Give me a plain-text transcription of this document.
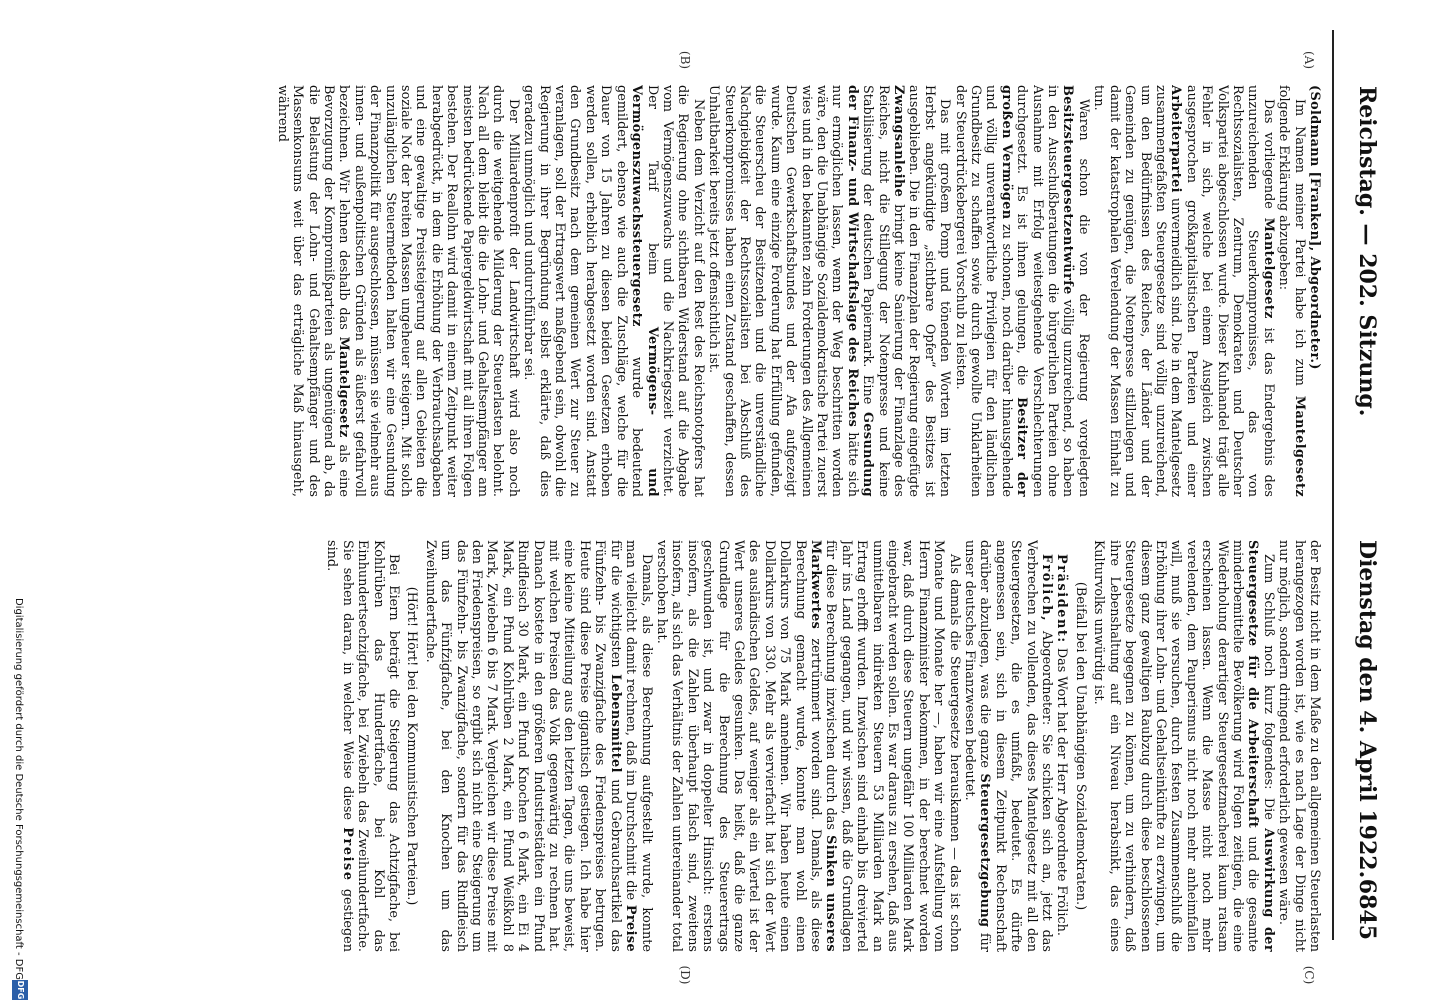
Reichstag. — 202. Sitzung.
Dienstag den 4. April 1922.
6845
(A)
(B)
(C)
(D)

(Soldmann [Franken], Abgeordneter.)

Im Namen meiner Partei habe ich zum Mantelgesetz folgende Erklärung abzugeben:

Das vorliegende Mantelgesetz ist das Endergebnis des unzureichenden Steuerkompromisses, das von Rechtssozialisten, Zentrum, Demokraten und Deutscher Volkspartei abgeschlossen wurde. Dieser Kuhhandel trägt alle Fehler in sich, welche bei einem Ausgleich zwischen ausgesprochen großkapitalistischen Parteien und einer Arbeiterpartei unvermeidlich sind. Die in dem Mantelgesetz zusammengefaßten Steuergesetze sind völlig unzureichend, um den Bedürfnissen des Reiches, der Länder und der Gemeinden zu genügen, die Notenpresse stillzulegen und damit der katastrophalen Verelendung der Massen Einhalt zu tun.

Waren schon die von der Regierung vorgelegten Besitzsteuergesetzentwürfe völlig unzureichend, so haben in den Ausschußberatungen die bürgerlichen Parteien ohne Ausnahme mit Erfolg weitestgehende Verschlechterungen durchgesetzt. Es ist ihnen gelungen, die Besitzer der großen Vermögen zu schonen, noch darüber hinausgehende und völlig unverantwortliche Privilegien für den ländlichen Grundbesitz zu schaffen sowie durch gewollte Unklarheiten der Steuerdrückebergerei Vorschub zu leisten.

Das mit großem Pomp und tönenden Worten im letzten Herbst angekündigte „sichtbare Opfer“ des Besitzes ist ausgeblieben. Die in den Finanzplan der Regierung eingefügte Zwangsanleihe bringt keine Sanierung der Finanzlage des Reiches, nicht die Stillegung der Notenpresse und keine Stabilisierung der deutschen Papiermark. Eine Gesundung der Finanz- und Wirtschaftslage des Reiches hätte sich nur ermöglichen lassen, wenn der Weg beschritten worden wäre, den die Unabhängige Sozialdemokratische Partei zuerst wies und in den bekannten zehn Forderungen des Allgemeinen Deutschen Gewerkschaftsbundes und der Afa aufgezeigt wurde. Kaum eine einzige Forderung hat Erfüllung gefunden, die Steuerscheu der Besitzenden und die unverständliche Nachgiebigkeit der Rechtssozialisten bei Abschluß des Steuerkompromisses haben einen Zustand geschaffen, dessen Unhaltbarkeit bereits jetzt offensichtlich ist.

Neben dem Verzicht auf den Rest des Reichsnotopfers hat die Regierung ohne sichtbaren Widerstand auf die Abgabe vom Vermögenszuwachs und die Nachkriegszeit verzichtet. Der Tarif beim Vermögens- und Vermögenszuwachssteuergesetz wurde bedeutend gemildert, ebenso wie auch die Zuschläge, welche für die Dauer von 15 Jahren zu diesen beiden Gesetzen erhoben werden sollen, erheblich herabgesetzt worden sind. Anstatt den Grundbesitz nach dem gemeinen Wert zur Steuer zu veranlagen, soll der Ertragswert maßgebend sein, obwohl die Regierung in ihrer Begründung selbst erklärte, daß dies geradezu unmöglich und undurchführbar sei.

Der Milliardenprofit der Landwirtschaft wird also noch durch die weitgehende Milderung der Steuerlasten belohnt. Nach all dem bleibt die die Lohn- und Gehaltsempfänger am meisten bedrückende Papiergeldwirtschaft mit all ihren Folgen bestehen. Der Reallohn wird damit in einem Zeitpunkt weiter herabgedrückt, in dem die Erhöhung der Verbrauchsabgaben und eine gewaltige Preissteigerung auf allen Gebieten die soziale Not der breiten Massen ungeheuer steigern. Mit solch unzulänglichen Steuermethoden halten wir eine Gesundung der Finanzpolitik für ausgeschlossen, müssen sie vielmehr aus innen- und außenpolitischen Gründen als äußerst gefahrvoll bezeichnen. Wir lehnen deshalb das Mantelgesetz als eine Bevorzugung der Kompromißparteien als ungenügend ab, da die Belastung der Lohn- und Gehaltsempfänger und des Massenkonsums weit über das erträgliche Maß hinausgeht, während

der Besitz nicht in dem Maße zu den allgemeinen Steuerlasten herangezogen worden ist, wie es nach Lage der Dinge nicht nur möglich, sondern dringend erforderlich gewesen wäre.

Zum Schluß noch kurz folgendes: Die Auswirkung der Steuergesetze für die Arbeiterschaft und die gesamte minderbemittelte Bevölkerung wird Folgen zeitigen, die eine Wiederholung derartiger Steuergesetzmacherei kaum ratsam erscheinen lassen. Wenn die Masse nicht noch mehr verelenden, dem Pauperismus nicht noch mehr anheimfallen will, muß sie versuchen, durch festen Zusammenschluß die Erhöhung ihrer Lohn- und Gehaltseinkünfte zu erzwingen, um diesem ganz gewaltigen Raubzug durch diese beschlossenen Steuergesetze begegnen zu können, um zu verhindern, daß ihre Lebenshaltung auf ein Niveau herabsinkt, das eines Kulturvolks unwürdig ist.

(Beifall bei den Unabhängigen Sozialdemokraten.)

Präsident: Das Wort hat der Herr Abgeordnete Frölich.

Frölich, Abgeordneter: Sie schicken sich an, jetzt das Verbrechen zu vollenden, das dieses Mantelgesetz mit all den Steuergesetzen, die es umfaßt, bedeutet. Es dürfte angemessen sein, sich in diesem Zeitpunkt Rechenschaft darüber abzulegen, was die ganze Steuergesetzgebung für unser deutsches Finanzwesen bedeutet.

Als damals die Steuergesetze herauskamen — das ist schon Monate und Monate her —, haben wir eine Aufstellung vom Herrn Finanzminister bekommen, in der berechnet worden war, daß durch diese Steuern ungefähr 100 Milliarden Mark eingebracht werden sollen. Es war daraus zu ersehen, daß aus unmittelbaren indirekten Steuern 53 Milliarden Mark an Ertrag erhofft wurden. Inzwischen sind einhalb bis dreiviertel Jahr ins Land gegangen, und wir wissen, daß die Grundlagen für diese Berechnung inzwischen durch das Sinken unseres Markwertes zertrümmert worden sind. Damals, als diese Berechnung gemacht wurde, konnte man wohl einen Dollarkurs von 75 Mark annehmen. Wir haben heute einen Dollarkurs von 330. Mehr als vervierfacht hat sich der Wert des ausländischen Geldes, auf weniger als ein Viertel ist der Wert unseres Geldes gesunken. Das heißt, daß die ganze Grundlage für die Berechnung des Steuerertrags geschwunden ist, und zwar in doppelter Hinsicht: erstens insofern, als die Zahlen überhaupt falsch sind, zweitens insofern, als sich das Verhältnis der Zahlen untereinander total verschoben hat.

Damals, als diese Berechnung aufgestellt wurde, konnte man vielleicht damit rechnen, daß im Durchschnitt die Preise für die wichtigsten Lebensmittel und Gebrauchsartikel das Fünfzehn- bis Zwanzigfache des Friedenspreises betrugen. Heute sind diese Preise gigantisch gestiegen. Ich habe hier eine kleine Mitteilung aus den letzten Tagen, die uns beweist, mit welchen Preisen das Volk gegenwärtig zu rechnen hat. Danach kostete in den größeren Industriestädten ein Pfund Rindfleisch 30 Mark, ein Pfund Knochen 6 Mark, ein Ei 4 Mark, ein Pfund Kohlrüben 2 Mark, ein Pfund Weißkohl 8 Mark, Zwiebeln 6 bis 7 Mark. Vergleichen wir diese Preise mit den Friedenspreisen, so ergibt sich nicht eine Steigerung um das Fünfzehn- bis Zwanzigfache, sondern für das Rindfleisch um das Fünfzigfache, bei den Knochen um das Zweihundertfache.

(Hört! Hört! bei den Kommunistischen Parteien.)

Bei Eiern beträgt die Steigerung das Achtzigfache, bei Kohlrüben das Hundertfache, bei Kohl das Einhundertsechzigfache, bei Zwiebeln das Zweihundertfache. Sie sehen daran, in welcher Weise diese Preise gestiegen sind.

Digitalisierung gefördert durch die Deutsche Forschungsgemeinschaft - DFG
DFG
